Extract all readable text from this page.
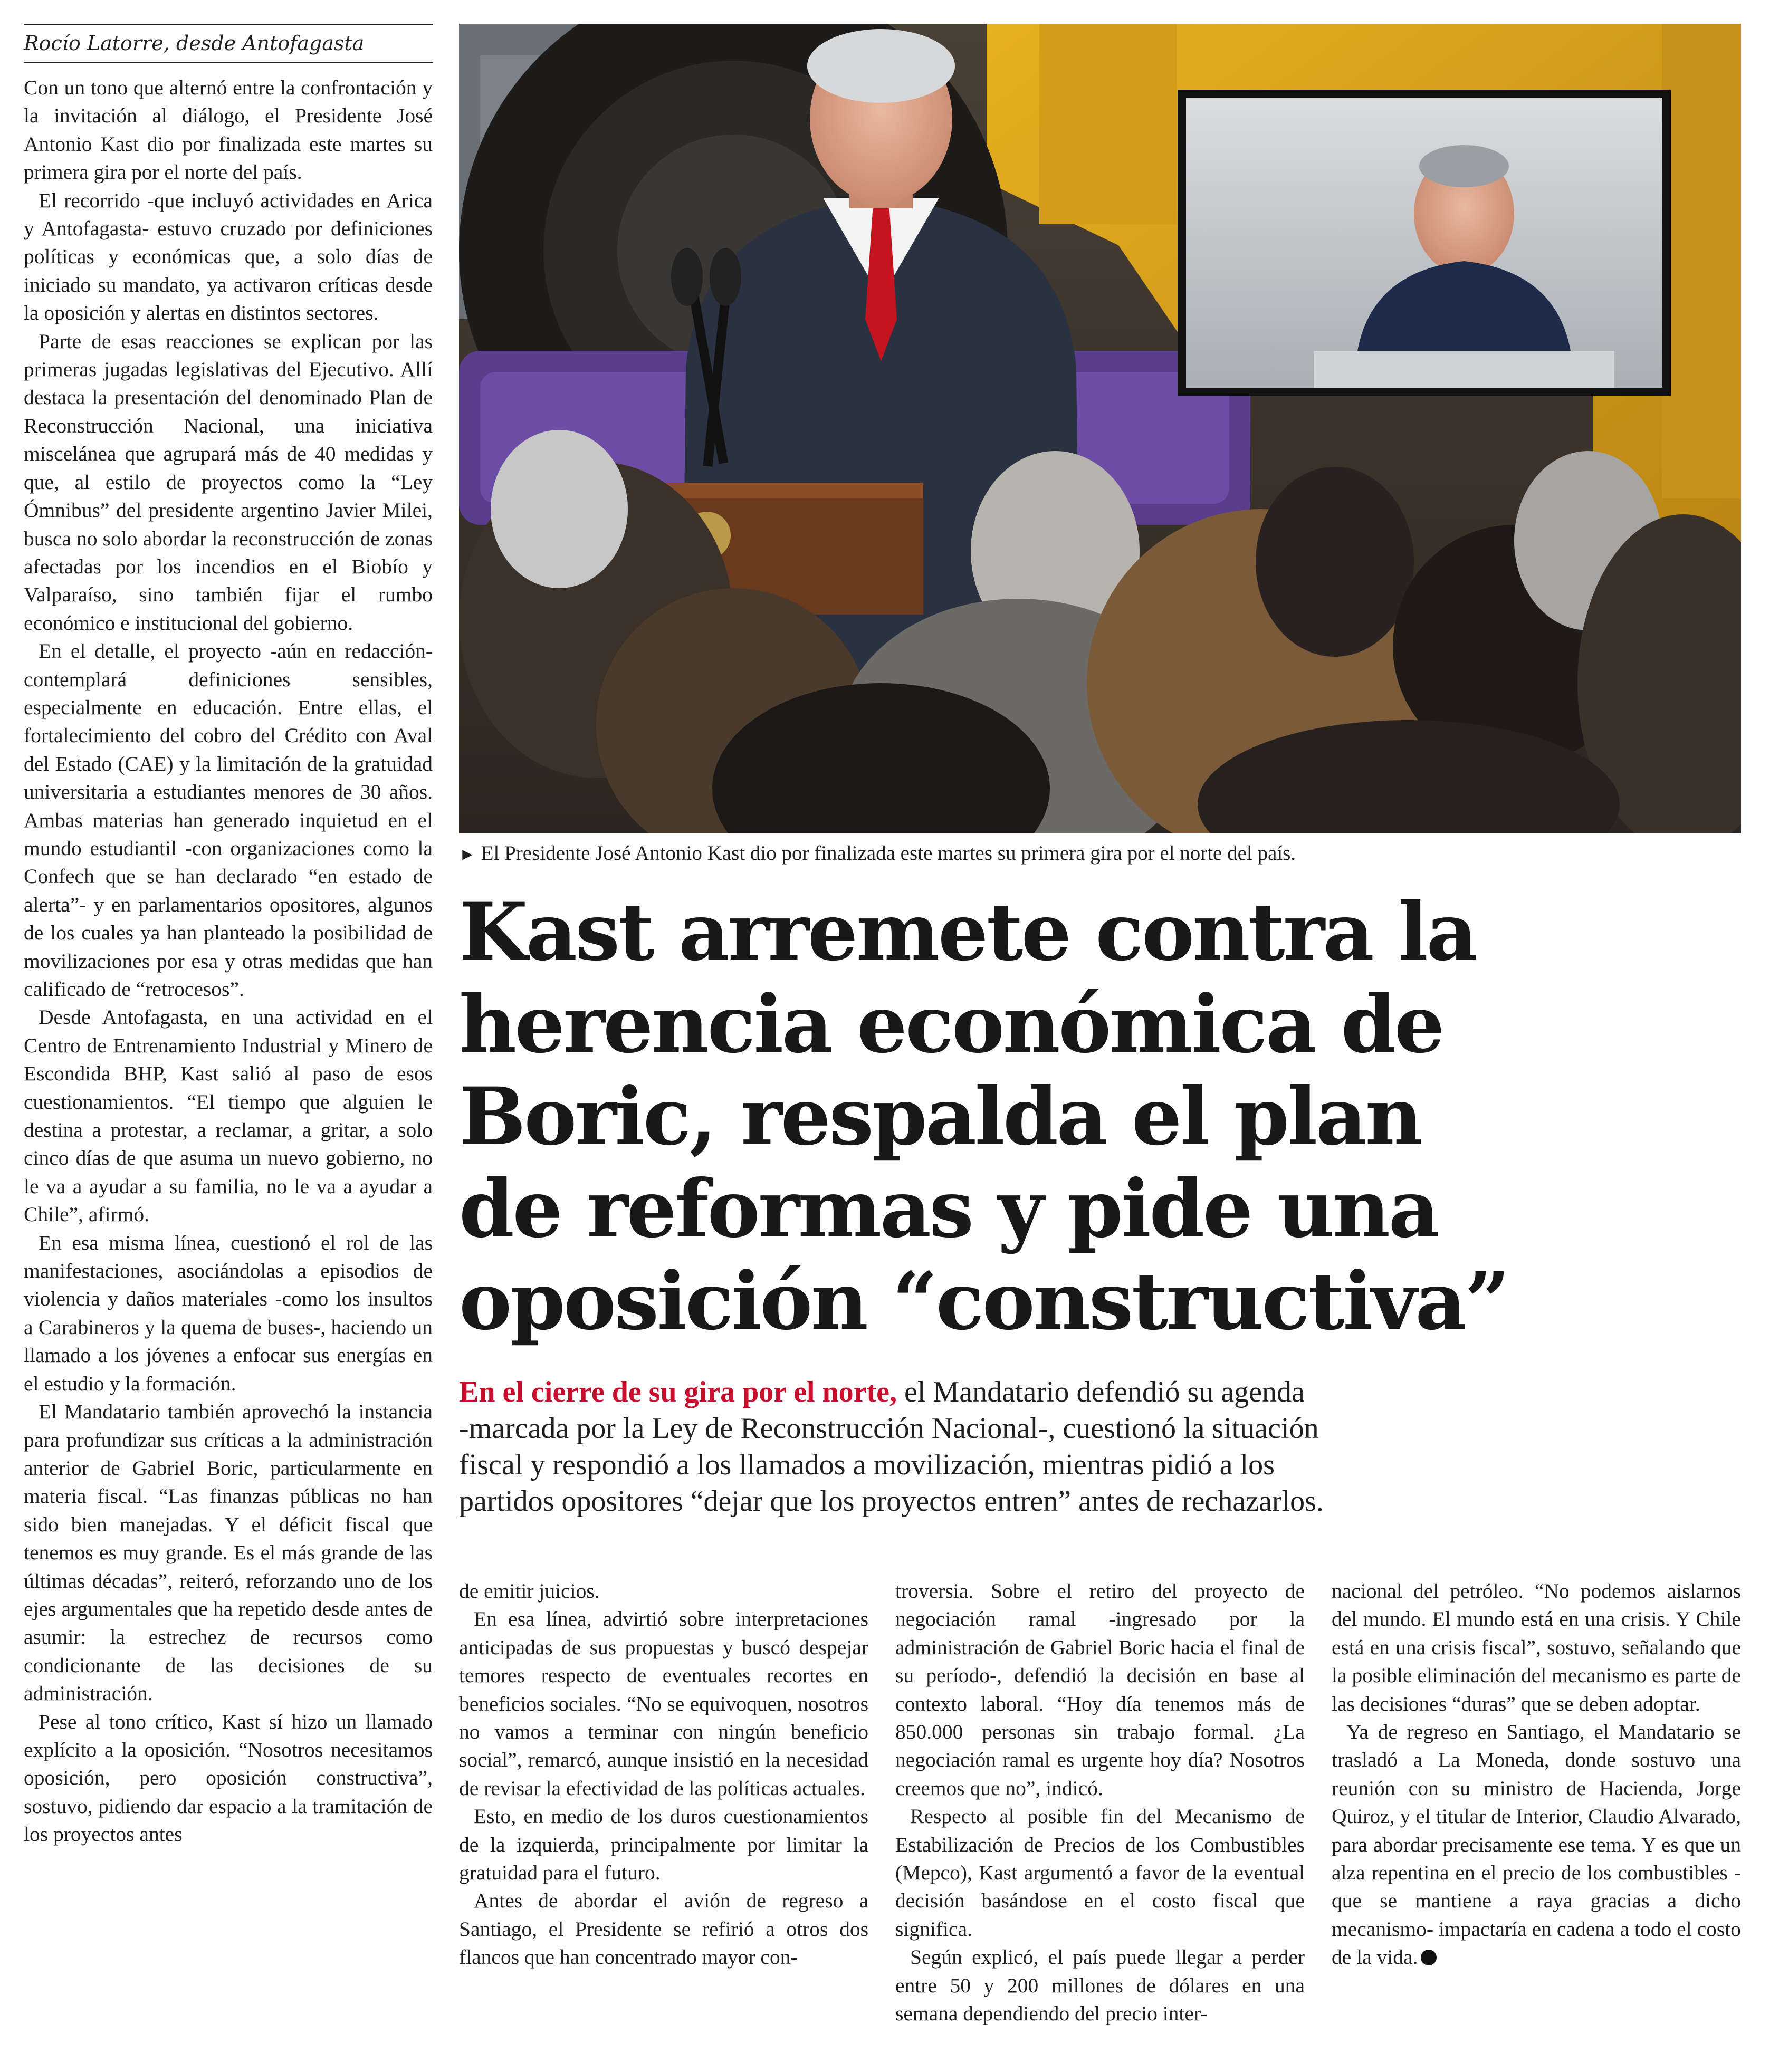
Rocío Latorre, desde Antofagasta

Con un tono que alternó entre la confrontación y la invitación al diálogo, el Presidente José Antonio Kast dio por finalizada este martes su primera gira por el norte del país.

El recorrido -que incluyó actividades en Arica y Antofagasta- estuvo cruzado por definiciones políticas y económicas que, a solo días de iniciado su mandato, ya activaron críticas desde la oposición y alertas en distintos sectores.

Parte de esas reacciones se explican por las primeras jugadas legislativas del Ejecutivo. Allí destaca la presentación del denominado Plan de Reconstrucción Nacional, una iniciativa miscelánea que agrupará más de 40 medidas y que, al estilo de proyectos como la “Ley Ómnibus” del presidente argentino Javier Milei, busca no solo abordar la reconstrucción de zonas afectadas por los incendios en el Biobío y Valparaíso, sino también fijar el rumbo económico e institucional del gobierno.

En el detalle, el proyecto -aún en redacción- contemplará definiciones sensibles, especialmente en educación. Entre ellas, el fortalecimiento del cobro del Crédito con Aval del Estado (CAE) y la limitación de la gratuidad universitaria a estudiantes menores de 30 años. Ambas materias han generado inquietud en el mundo estudiantil -con organizaciones como la Confech que se han declarado “en estado de alerta”- y en parlamentarios opositores, algunos de los cuales ya han planteado la posibilidad de movilizaciones por esa y otras medidas que han calificado de “retrocesos”.

Desde Antofagasta, en una actividad en el Centro de Entrenamiento Industrial y Minero de Escondida BHP, Kast salió al paso de esos cuestionamientos. “El tiempo que alguien le destina a protestar, a reclamar, a gritar, a solo cinco días de que asuma un nuevo gobierno, no le va a ayudar a su familia, no le va a ayudar a Chile”, afirmó.

En esa misma línea, cuestionó el rol de las manifestaciones, asociándolas a episodios de violencia y daños materiales -como los insultos a Carabineros y la quema de buses-, haciendo un llamado a los jóvenes a enfocar sus energías en el estudio y la formación.

El Mandatario también aprovechó la instancia para profundizar sus críticas a la administración anterior de Gabriel Boric, particularmente en materia fiscal. “Las finanzas públicas no han sido bien manejadas. Y el déficit fiscal que tenemos es muy grande. Es el más grande de las últimas décadas”, reiteró, reforzando uno de los ejes argumentales que ha repetido desde antes de asumir: la estrechez de recursos como condicionante de las decisiones de su administración.

Pese al tono crítico, Kast sí hizo un llamado explícito a la oposición. “Nosotros necesitamos oposición, pero oposición constructiva”, sostuvo, pidiendo dar espacio a la tramitación de los proyectos antes

► El Presidente José Antonio Kast dio por finalizada este martes su primera gira por el norte del país.
Kast arremete contra la
herencia económica de
Boric, respalda el plan
de reformas y pide una
oposición “constructiva”
En el cierre de su gira por el norte, el Mandatario defendió su agenda
-marcada por la Ley de Reconstrucción Nacional-, cuestionó la situación
fiscal y respondió a los llamados a movilización, mientras pidió a los
partidos opositores “dejar que los proyectos entren” antes de rechazarlos.

de emitir juicios.

En esa línea, advirtió sobre interpretaciones anticipadas de sus propuestas y buscó despejar temores respecto de eventuales recortes en beneficios sociales. “No se equivoquen, nosotros no vamos a terminar con ningún beneficio social”, remarcó, aunque insistió en la necesidad de revisar la efectividad de las políticas actuales.

Esto, en medio de los duros cuestionamientos de la izquierda, principalmente por limitar la gratuidad para el futuro.

Antes de abordar el avión de regreso a Santiago, el Presidente se refirió a otros dos flancos que han concentrado mayor con-

troversia. Sobre el retiro del proyecto de negociación ramal -ingresado por la administración de Gabriel Boric hacia el final de su período-, defendió la decisión en base al contexto laboral. “Hoy día tenemos más de 850.000 personas sin trabajo formal. ¿La negociación ramal es urgente hoy día? Nosotros creemos que no”, indicó.

Respecto al posible fin del Mecanismo de Estabilización de Precios de los Combustibles (Mepco), Kast argumentó a favor de la eventual decisión basándose en el costo fiscal que significa.

Según explicó, el país puede llegar a perder entre 50 y 200 millones de dólares en una semana dependiendo del precio inter-

nacional del petróleo. “No podemos aislarnos del mundo. El mundo está en una crisis. Y Chile está en una crisis fiscal”, sostuvo, señalando que la posible eliminación del mecanismo es parte de las decisiones “duras” que se deben adoptar.

Ya de regreso en Santiago, el Mandatario se trasladó a La Moneda, donde sostuvo una reunión con su ministro de Hacienda, Jorge Quiroz, y el titular de Interior, Claudio Alvarado, para abordar precisamente ese tema. Y es que un alza repentina en el precio de los combustibles -que se mantiene a raya gracias a dicho mecanismo- impactaría en cadena a todo el costo de la vida.
